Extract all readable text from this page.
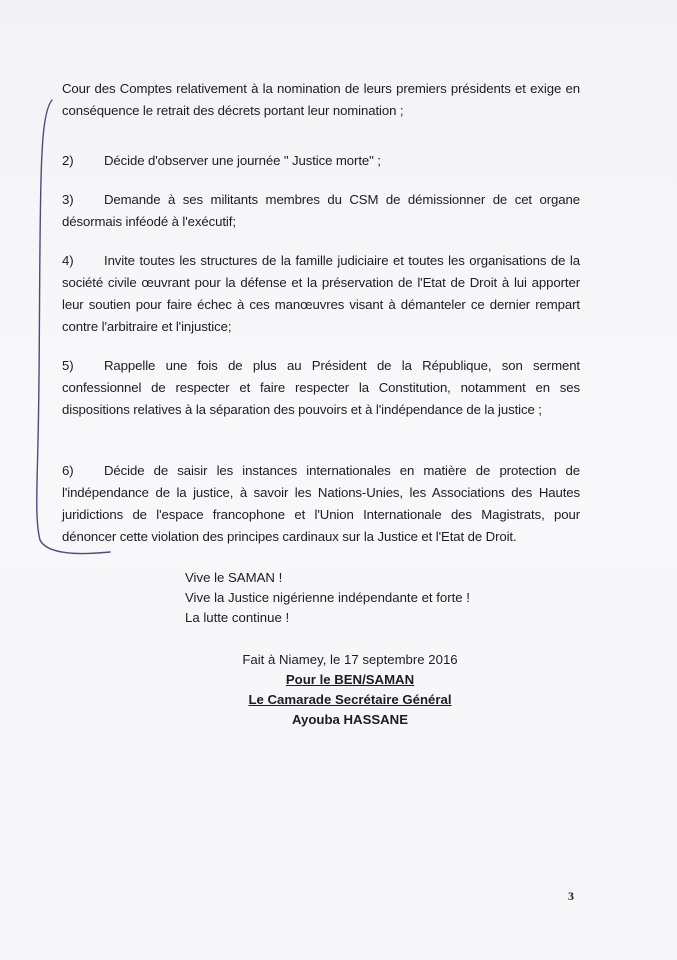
Cour des Comptes relativement à la nomination de leurs premiers présidents et exige en conséquence le retrait des décrets portant leur nomination ;

2) Décide d'observer une journée " Justice morte" ;

3) Demande à ses militants membres du CSM de démissionner de cet organe désormais inféodé à l'exécutif;

4) Invite toutes les structures de la famille judiciaire et toutes les organisations de la société civile œuvrant pour la défense et la préservation de l'Etat de Droit à lui apporter leur soutien pour faire échec à ces manœuvres visant à démanteler ce dernier rempart contre l'arbitraire et l'injustice;

5) Rappelle une fois de plus au Président de la République, son serment confessionnel de respecter et faire respecter la Constitution, notamment en ses dispositions relatives à la séparation des pouvoirs et à l'indépendance de la justice ;

6) Décide de saisir les instances internationales en matière de protection de l'indépendance de la justice, à savoir les Nations-Unies, les Associations des Hautes juridictions de l'espace francophone et l'Union Internationale des Magistrats, pour dénoncer cette violation des principes cardinaux sur la Justice et l'Etat de Droit.

Vive le SAMAN !
Vive la Justice nigérienne indépendante et forte !
La lutte continue !
Fait à Niamey, le 17 septembre 2016
Pour le BEN/SAMAN
Le Camarade Secrétaire Général
Ayouba HASSANE
3
